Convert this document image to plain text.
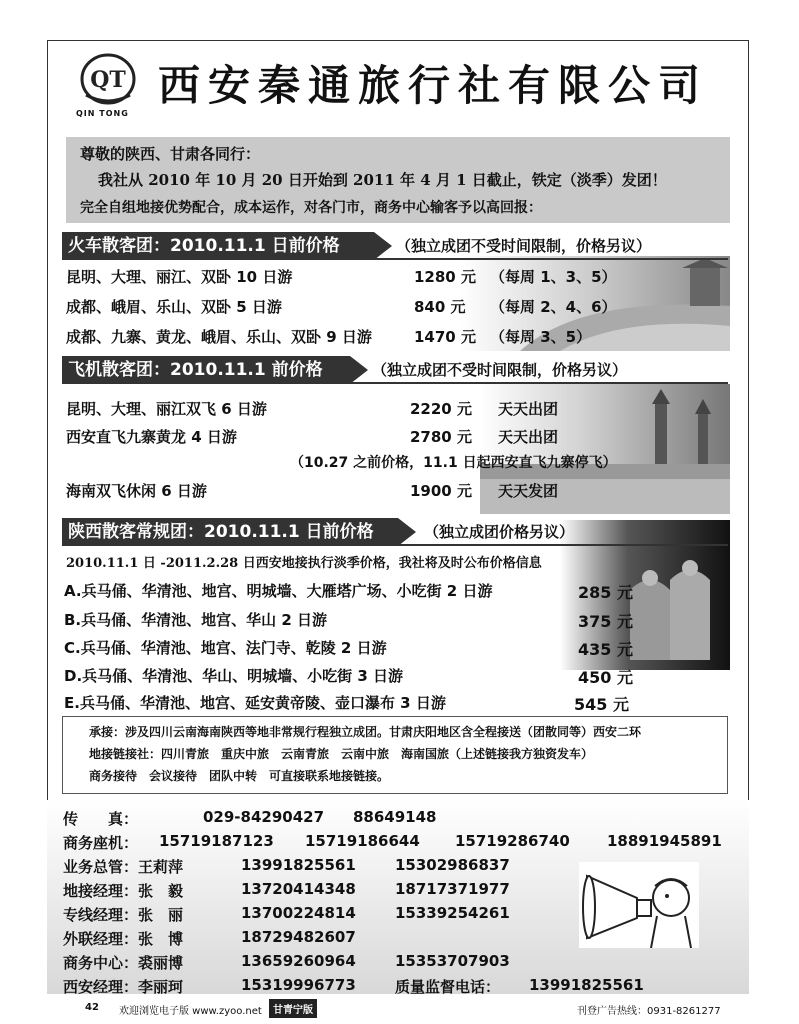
QT
QIN TONG
西安秦通旅行社有限公司
尊敬的陕西、甘肃各同行：
我社从 2010 年 10 月 20 日开始到 2011 年 4 月 1 日截止，铁定（淡季）发团！
完全自组地接优势配合，成本运作，对各门市，商务中心输客予以高回报：
火车散客团：2010.11.1 日前价格	（独立成团不受时间限制，价格另议）
昆明、大理、丽江、双卧 10 日游	1280 元 （每周 1、3、5）
成都、峨眉、乐山、双卧 5 日游	840 元 （每周 2、4、6）
成都、九寨、黄龙、峨眉、乐山、双卧 9 日游	1470 元 （每周 3、5）
飞机散客团：2010.11.1 前价格	（独立成团不受时间限制，价格另议）
昆明、大理、丽江双飞 6 日游	2220 元 天天出团
西安直飞九寨黄龙 4 日游	2780 元 天天出团
（10.27 之前价格，11.1 日起西安直飞九寨停飞）
海南双飞休闲 6 日游	1900 元 天天发团
陕西散客常规团：2010.11.1 日前价格	（独立成团价格另议）
2010.11.1 日 -2011.2.28 日西安地接执行淡季价格，我社将及时公布价格信息
A.兵马俑、华清池、地宫、明城墙、大雁塔广场、小吃街 2 日游	285 元
B.兵马俑、华清池、地宫、华山 2 日游	375 元
C.兵马俑、华清池、地宫、法门寺、乾陵 2 日游	435 元
D.兵马俑、华清池、华山、明城墙、小吃街 3 日游	450 元
E.兵马俑、华清池、地宫、延安黄帝陵、壶口瀑布 3 日游	545 元
承接：涉及四川云南海南陕西等地非常规行程独立成团。甘肃庆阳地区含全程接送（团散同等）西安二环
地接链接社：四川青旅　重庆中旅　云南青旅　云南中旅　海南国旅（上述链接我方独资发车）
商务接待　会议接待　团队中转　可直接联系地接链接。
传　　真：	029-84290427 88649148
商务座机： 15719187123 15719186644 15719286740 18891945891
业务总管：王莉萍	13991825561	15302986837
地接经理：张　毅	13720414348	18717371977
专线经理：张　丽	13700224814	15339254261
外联经理：张　博	18729482607
商务中心：裘丽博	13659260964	15353707903
西安经理：李丽珂	15319996773	质量监督电话： 13991825561
42 欢迎浏览电子版 www.zyoo.net	甘青宁版	刊登广告热线：0931-8261277
